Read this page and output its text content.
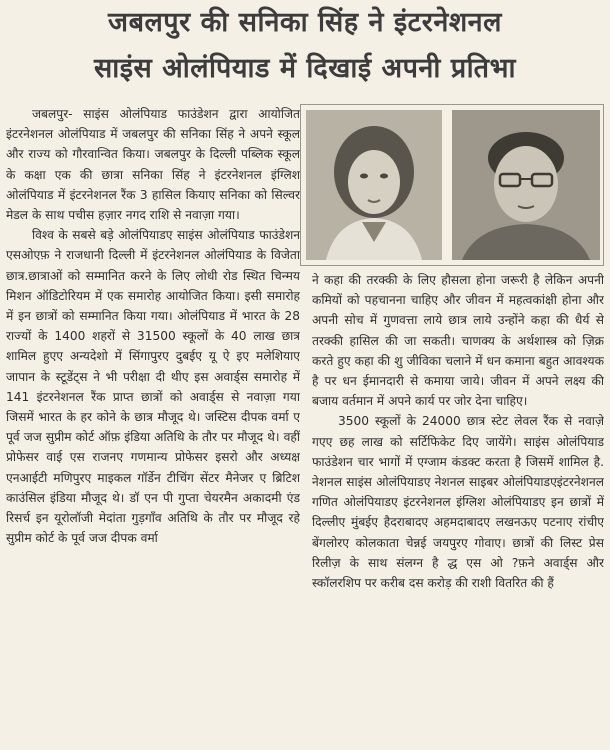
जबलपुर की सनिका सिंह ने इंटरनेशनल
साइंस ओलंपियाड में दिखाई अपनी प्रतिभा

जबलपुर- साइंस ओलंपियाड फाउंडेशन द्वारा आयोजित इंटरनेशनल ओलंपियाड में जबलपुर की सनिका सिंह ने अपने स्कूल और राज्य को गौरवान्वित किया। जबलपुर के दिल्ली पब्लिक स्कूल के कक्षा एक की छात्रा सनिका सिंह ने इंटरनेशनल इंग्लिश ओलंपियाड में इंटरनेशनल रैंक 3 हासिल कियाए सनिका को सिल्वर मेडल के साथ पचीस हज़ार नगद राशि से नवाज़ा गया।

विश्व के सबसे बड़े ओलंपियाडए साइंस ओलंपियाड फाउंडेशन एसओएफ़ ने राजधानी दिल्ली में इंटरनेशनल ओलंपियाड के विजेता छात्र.छात्राओं को सम्मानित करने के लिए लोधी रोड स्थित चिन्मय मिशन ऑडिटोरियम में एक समारोह आयोजित किया। इसी समारोह में इन छात्रों को सम्मानित किया गया। ओलंपियाड में भारत के 28 राज्यों के 1400 शहरों से 31500 स्कूलों के 40 लाख छात्र शामिल हुएए अन्यदेशो में सिंगापुरए दुबईए यू ऐ इए मलेशियाए जापान के स्टूडेंट्स ने भी परीक्षा दी थीए इस अवार्ड्स समारोह में 141 इंटरनेशनल रैंक प्राप्त छात्रों को अवार्ड्स से नवाज़ा गया जिसमें भारत के हर कोने के छात्र मौजूद थे। जस्टिस दीपक वर्मा ए पूर्व जज सुप्रीम कोर्ट ऑफ़ इंडिया अतिथि के तौर पर मौजूद थे। वहीं प्रोफेसर वाई एस राजनए गणमान्य प्रोफेसर इसरो और अध्यक्ष एनआईटी मणिपुरए माइकल गॉर्डेन टीचिंग सेंटर मैनेजर ए ब्रिटिश काउंसिल इंडिया मौजूद थे। डॉ एन पी गुप्ता चेयरमैन अकादमी एंड रिसर्च इन यूरोलॉजी मेदांता गुड़गाँव अतिथि के तौर पर मौजूद रहे सुप्रीम कोर्ट के पूर्व जज दीपक वर्मा

ने कहा की तरक्की के लिए हौसला होना जरूरी है लेकिन अपनी कमियों को पहचानना चाहिए और जीवन में महत्वकांक्षी होना और अपनी सोच में गुणवत्ता लाये छात्र लाये उन्होंने कहा की धैर्य से तरक्की हासिल की जा सकती। चाणक्य के अर्थशास्त्र को ज़िक्र करते हुए कहा की शु जीविका चलाने में धन कमाना बहुत आवश्यक है पर धन ईमानदारी से कमाया जाये। जीवन में अपने लक्ष्य की बजाय वर्तमान में अपने कार्य पर जोर देना चाहिए।

3500 स्कूलों के 24000 छात्र स्टेट लेवल रैंक से नवाज़े गएए छह लाख को सर्टिफिकेट दिए जायेंगे। साइंस ओलंपियाड फाउंडेशन चार भागों में एग्जाम कंडक्ट करता है जिसमें शामिल है. नेशनल साइंस ओलंपियाडए नेशनल साइबर ओलंपियाडएइंटरनेशनल गणित ओलंपियाडए इंटरनेशनल इंग्लिश ओलंपियाडए इन छात्रों में दिल्लीए मुंबईए हैदराबादए अहमदाबादए लखनऊए पटनाए रांचीए बेंगलोरए कोलकाता चेन्नई जयपुरए गोवाए। छात्रों की लिस्ट प्रेस रिलीज़ के साथ संलग्न है द्ध एस ओ ?फ़ने अवार्ड्स और स्कॉलरशिप पर करीब दस करोड़ की राशी वितरित की हैं
